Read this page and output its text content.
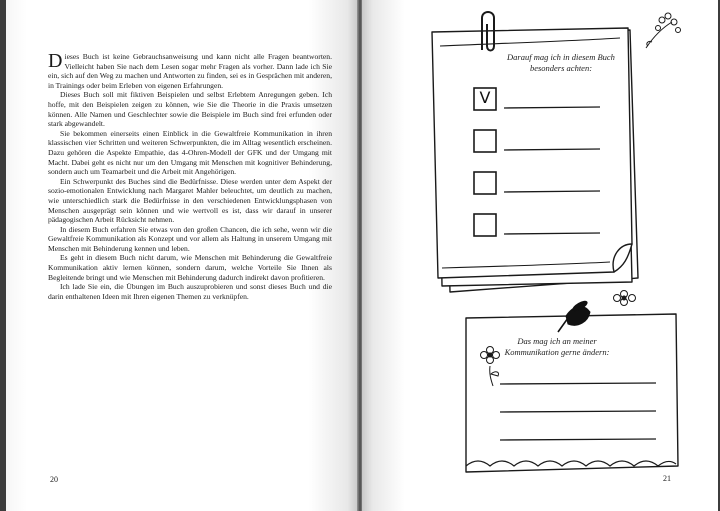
Dieses Buch ist keine Gebrauchsanweisung und kann nicht alle Fragen beantworten. Vielleicht haben Sie nach dem Lesen sogar mehr Fragen als vorher. Dann lade ich Sie ein, sich auf den Weg zu machen und Antworten zu finden, sei es in Gesprächen mit anderen, in Trainings oder beim Erleben von eigenen Erfahrungen.

Dieses Buch soll mit fiktiven Beispielen und selbst Erlebtem Anregungen geben. Ich hoffe, mit den Beispielen zeigen zu können, wie Sie die Theorie in die Praxis umsetzen können. Alle Namen und Geschlechter sowie die Beispiele im Buch sind frei erfunden oder stark abgewandelt.

Sie bekommen einerseits einen Einblick in die Gewaltfreie Kommunikation in ihren klassischen vier Schritten und weiteren Schwerpunkten, die im Alltag wesentlich erscheinen. Dazu gehören die Aspekte Empathie, das 4-Ohren-Modell der GFK und der Umgang mit Macht. Dabei geht es nicht nur um den Umgang mit Menschen mit kognitiver Behinderung, sondern auch um Teamarbeit und die Arbeit mit Angehörigen.

Ein Schwerpunkt des Buches sind die Bedürfnisse. Diese werden unter dem Aspekt der sozio-emotionalen Entwicklung nach Margaret Mahler beleuchtet, um deutlich zu machen, wie unterschiedlich stark die Bedürfnisse in den verschiedenen Entwicklungsphasen von Menschen ausgeprägt sein können und wie wertvoll es ist, dass wir darauf in unserer pädagogischen Arbeit Rücksicht nehmen.

In diesem Buch erfahren Sie etwas von den großen Chancen, die ich sehe, wenn wir die Gewaltfreie Kommunikation als Konzept und vor allem als Haltung in unserem Umgang mit Menschen mit Behinderung kennen und leben.

Es geht in diesem Buch nicht darum, wie Menschen mit Behinderung die Gewaltfreie Kommunikation aktiv lernen können, sondern darum, welche Vorteile Sie Ihnen als Begleitende bringt und wie Menschen mit Behinderung dadurch indirekt davon profitieren.

Ich lade Sie ein, die Übungen im Buch auszuprobieren und sonst dieses Buch und die darin enthaltenen Ideen mit Ihren eigenen Themen zu verknüpfen.

20
Darauf mag ich in diesem Buch besonders achten:
V
Das mag ich an meiner Kommunikation gerne ändern:
21
